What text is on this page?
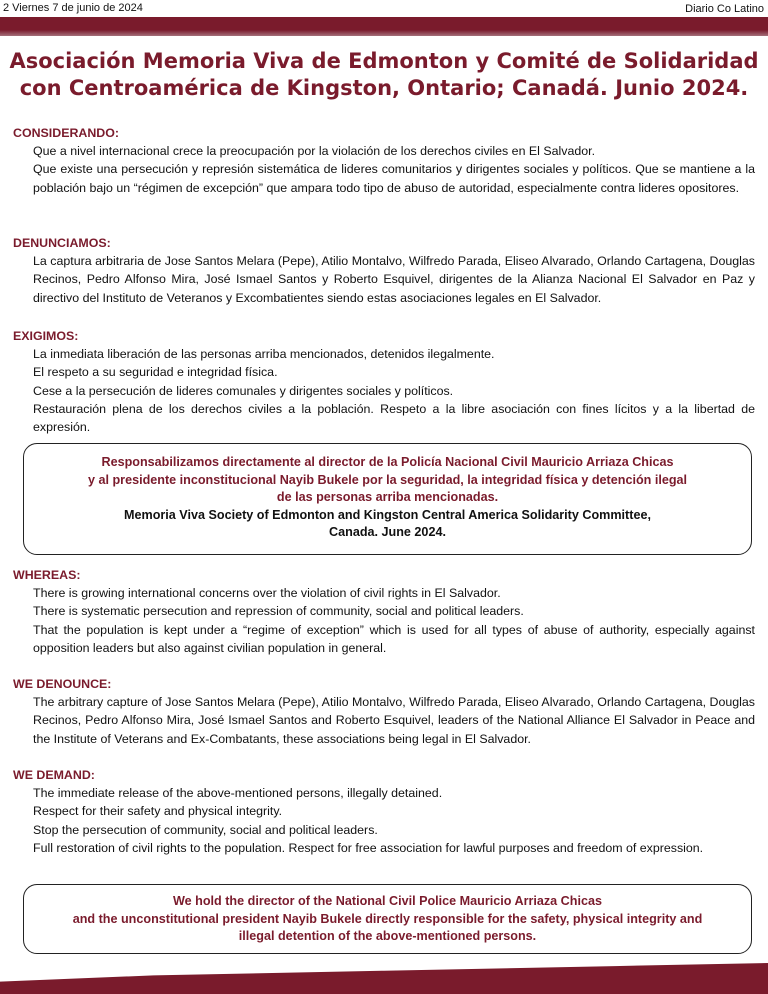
2 Viernes 7 de junio de 2024	Diario Co Latino
Asociación Memoria Viva de Edmonton y Comité de Solidaridad
con Centroamérica de Kingston, Ontario; Canadá. Junio 2024.
CONSIDERANDO:

Que a nivel internacional crece la preocupación por la violación de los derechos civiles en El Salvador.

Que existe una persecución y represión sistemática de lideres comunitarios y dirigentes sociales y políticos. Que se mantiene a la población bajo un “régimen de excepción” que ampara todo tipo de abuso de autoridad, especialmente contra lideres opositores.

DENUNCIAMOS:

La captura arbitraria de Jose Santos Melara (Pepe), Atilio Montalvo, Wilfredo Parada, Eliseo Alvarado, Orlando Cartagena, Douglas Recinos, Pedro Alfonso Mira, José Ismael Santos y Roberto Esquivel, dirigentes de la Alianza Nacional El Salvador en Paz y directivo del Instituto de Veteranos y Excombatientes siendo estas asociaciones legales en El Salvador.

EXIGIMOS:

La inmediata liberación de las personas arriba mencionados, detenidos ilegalmente.

El respeto a su seguridad e integridad física.

Cese a la persecución de lideres comunales y dirigentes sociales y políticos.

Restauración plena de los derechos civiles a la población. Respeto a la libre asociación con fines lícitos y a la libertad de expresión.

Responsabilizamos directamente al director de la Policía Nacional Civil Mauricio Arriaza Chicas
y al presidente inconstitucional Nayib Bukele por la seguridad, la integridad física y detención ilegal
de las personas arriba mencionadas.
Memoria Viva Society of Edmonton and Kingston Central America Solidarity Committee,
Canada. June 2024.
WHEREAS:

There is growing international concerns over the violation of civil rights in El Salvador.

There is systematic persecution and repression of community, social and political leaders.

That the population is kept under a “regime of exception” which is used for all types of abuse of authority, especially against opposition leaders but also against civilian population in general.

WE DENOUNCE:

The arbitrary capture of Jose Santos Melara (Pepe), Atilio Montalvo, Wilfredo Parada, Eliseo Alvarado, Orlando Cartagena, Douglas Recinos, Pedro Alfonso Mira, José Ismael Santos and Roberto Esquivel, leaders of the National Alliance El Salvador in Peace and the Institute of Veterans and Ex-Combatants, these associations being legal in El Salvador.

WE DEMAND:

The immediate release of the above-mentioned persons, illegally detained.

Respect for their safety and physical integrity.

Stop the persecution of community, social and political leaders.

Full restoration of civil rights to the population. Respect for free association for lawful purposes and freedom of expression.

We hold the director of the National Civil Police Mauricio Arriaza Chicas
and the unconstitutional president Nayib Bukele directly responsible for the safety, physical integrity and
illegal detention of the above-mentioned persons.
